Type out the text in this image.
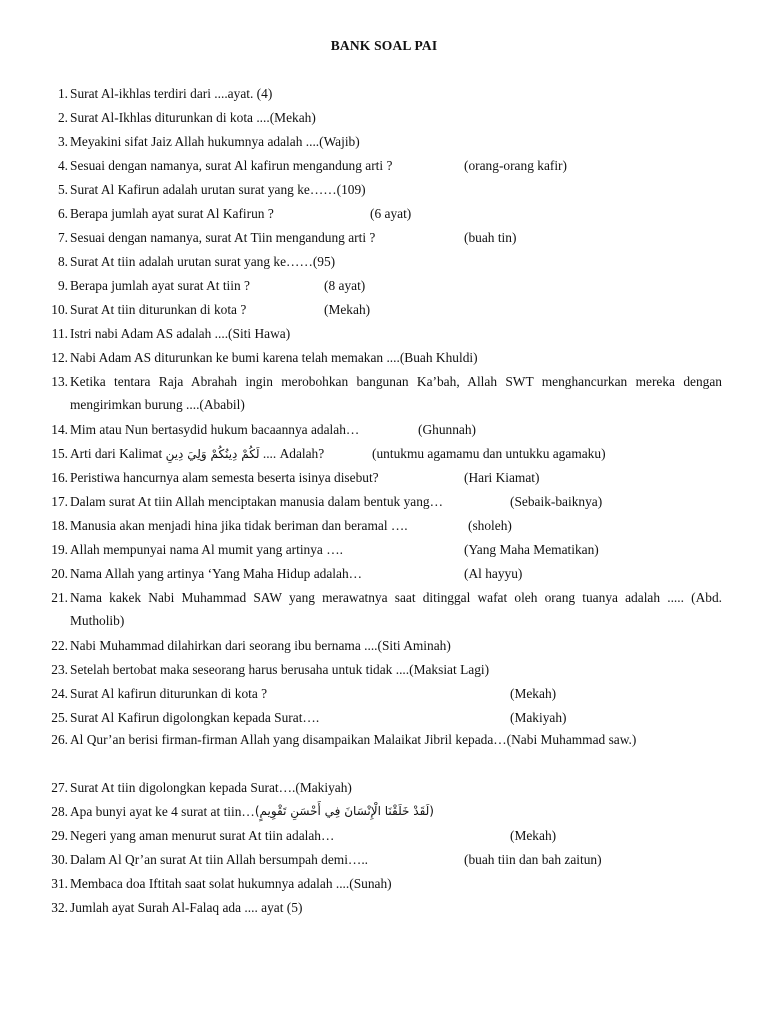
BANK SOAL PAI
1. Surat Al-ikhlas terdiri dari ....ayat. (4)
2. Surat Al-Ikhlas diturunkan di kota ....(Mekah)
3. Meyakini sifat Jaiz Allah hukumnya adalah ....(Wajib)
4. Sesuai dengan namanya, surat Al kafirun mengandung arti ?	(orang-orang kafir)
5. Surat Al Kafirun adalah urutan surat yang ke……(109)
6. Berapa jumlah ayat surat Al Kafirun ?	(6 ayat)
7. Sesuai dengan namanya, surat At Tiin mengandung arti ?	(buah tin)
8. Surat At tiin adalah urutan surat yang ke……(95)
9. Berapa jumlah ayat surat At tiin ?	(8 ayat)
10. Surat At tiin diturunkan di kota ?	(Mekah)
11. Istri nabi Adam AS adalah ....(Siti Hawa)
12. Nabi Adam AS diturunkan ke bumi karena telah memakan ....(Buah Khuldi)
13. Ketika tentara Raja Abrahah ingin merobohkan bangunan Ka’bah, Allah SWT menghancurkan mereka dengan mengirimkan burung ....(Ababil)
14. Mim atau Nun bertasydid hukum bacaannya adalah…	(Ghunnah)
15. Arti dari Kalimat لَكُمْ دِينُكُمْ وَلِيَ دِينِ .... Adalah?	(untukmu agamamu dan untukku agamaku)
16. Peristiwa hancurnya alam semesta beserta isinya disebut?	(Hari Kiamat)
17. Dalam surat At tiin Allah menciptakan manusia dalam bentuk yang…	(Sebaik-baiknya)
18. Manusia akan menjadi hina jika tidak beriman dan beramal ….	(sholeh)
19. Allah mempunyai nama Al mumit yang artinya ….	(Yang Maha Mematikan)
20. Nama Allah yang artinya ‘Yang Maha Hidup adalah…	(Al hayyu)
21. Nama kakek Nabi Muhammad SAW yang merawatnya saat ditinggal wafat oleh orang tuanya adalah ..... (Abd. Mutholib)
22. Nabi Muhammad dilahirkan dari seorang ibu bernama ....(Siti Aminah)
23. Setelah bertobat maka seseorang harus berusaha untuk tidak ....(Maksiat Lagi)
24. Surat Al kafirun diturunkan di kota ?	(Mekah)
25. Surat Al Kafirun digolongkan kepada Surat….	(Makiyah)
26. Al Qur’an berisi firman-firman Allah yang disampaikan Malaikat Jibril kepada…(Nabi Muhammad saw.)
27. Surat At tiin digolongkan kepada Surat….(Makiyah)
28. Apa bunyi ayat ke 4 surat at tiin… (لَقَدْ خَلَقْنَا الْإِنْسَانَ فِي أَحْسَنِ تَقْوِيمٍ)
29. Negeri yang aman menurut surat At tiin adalah…	(Mekah)
30. Dalam Al Qr’an surat At tiin Allah bersumpah demi…..	(buah tiin dan bah zaitun)
31. Membaca doa Iftitah saat solat hukumnya adalah ....(Sunah)
32. Jumlah ayat Surah Al-Falaq ada .... ayat (5)
